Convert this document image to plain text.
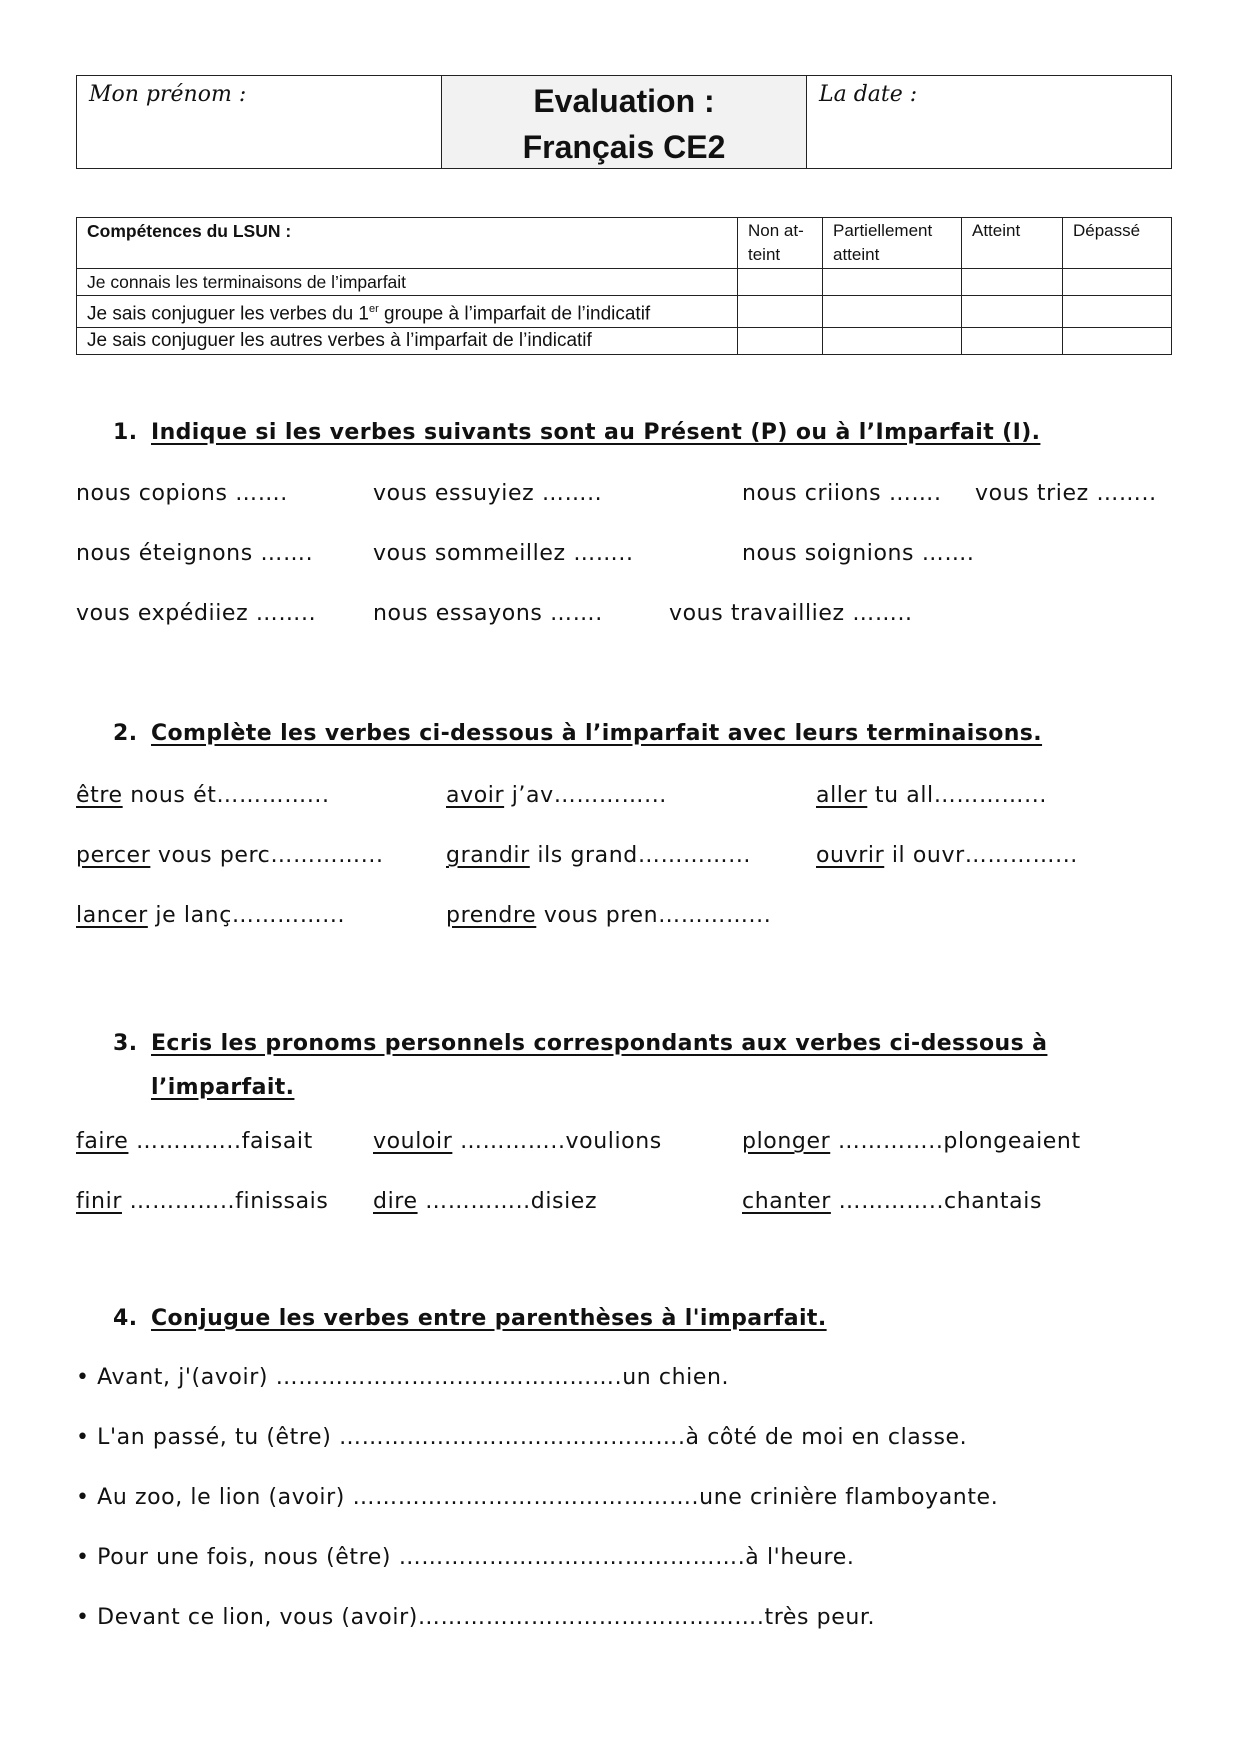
Mon prénom :	Evaluation :
Français CE2
La date :
Compétences du LSUN :	Non at-teint	Partiellement atteint	Atteint	Dépassé
Je connais les terminaisons de l’imparfait				
Je sais conjuguer les verbes du 1er groupe à l’imparfait de l’indicatif				
Je sais conjuguer les autres verbes à l’imparfait de l’indicatif				
1. Indique si les verbes suivants sont au Présent (P) ou à l’Imparfait (I).
nous copions …….	vous essuyiez ……..	nous criions ……. vous triez ……..
nous éteignons …….	vous sommeillez ……..	nous soignions …….
vous expédiiez ……..	nous essayons …….	vous travailliez ……..
2. Complète les verbes ci-dessous à l’imparfait avec leurs terminaisons.
être nous ét…………...	avoir j’av…………...	aller tu all…………...
percer vous perc…………...	grandir ils grand…………...	ouvrir il ouvr…………...
lancer je lanç…………...	prendre vous pren…………...
3. Ecris les pronoms personnels correspondants aux verbes ci-dessous à
l’imparfait.
faire …………..faisait	vouloir …………..voulions	plonger …………..plongeaient
finir …………..finissais dire …………..disiez	chanter …………..chantais
4. Conjugue les verbes entre parenthèses à l'imparfait.
• Avant, j'(avoir) ……………………………………….un chien.
• L'an passé, tu (être) ……………………………………….à côté de moi en classe.
• Au zoo, le lion (avoir) ……………………………………….une crinière flamboyante.
• Pour une fois, nous (être) ……………………………………….à l'heure.
• Devant ce lion, vous (avoir)……………………………………….très peur.
